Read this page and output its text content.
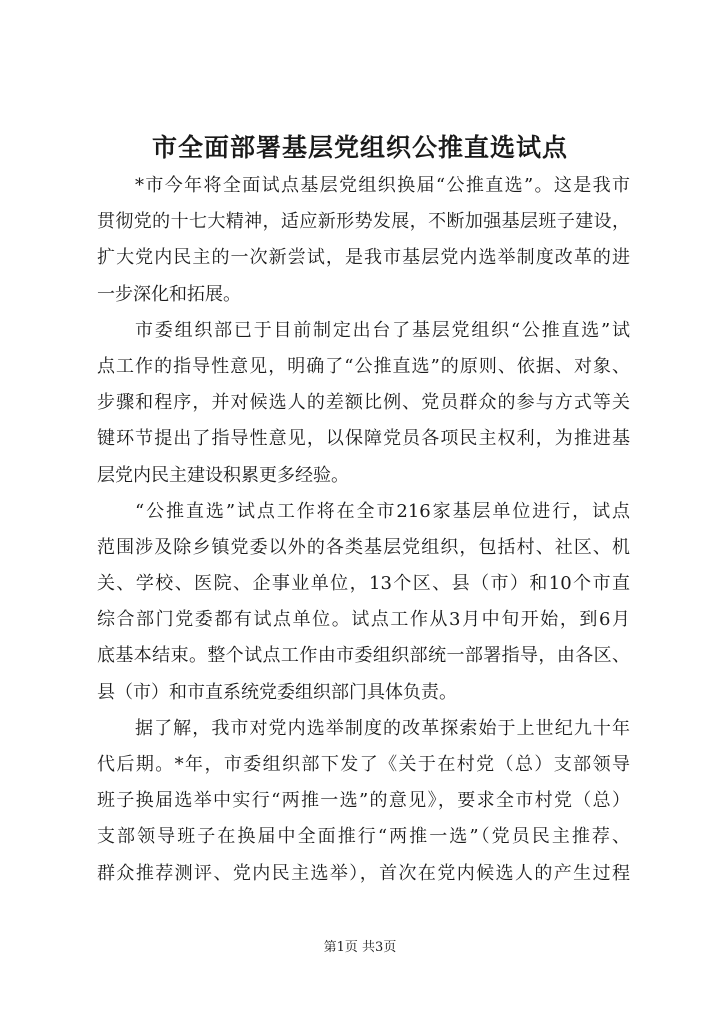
市全面部署基层党组织公推直选试点
*市今年将全面试点基层党组织换届“公推直选”。这是我市
贯彻党的十七大精神，适应新形势发展，不断加强基层班子建设，
扩大党内民主的一次新尝试，是我市基层党内选举制度改革的进
一步深化和拓展。
市委组织部已于目前制定出台了基层党组织“公推直选”试
点工作的指导性意见，明确了“公推直选”的原则、依据、对象、
步骤和程序，并对候选人的差额比例、党员群众的参与方式等关
键环节提出了指导性意见，以保障党员各项民主权利，为推进基
层党内民主建设积累更多经验。
“公推直选”试点工作将在全市216家基层单位进行，试点
范围涉及除乡镇党委以外的各类基层党组织，包括村、社区、机
关、学校、医院、企事业单位，13个区、县（市）和10个市直
综合部门党委都有试点单位。试点工作从3月中旬开始，到6月
底基本结束。整个试点工作由市委组织部统一部署指导，由各区、
县（市）和市直系统党委组织部门具体负责。
据了解，我市对党内选举制度的改革探索始于上世纪九十年
代后期。*年，市委组织部下发了《关于在村党（总）支部领导
班子换届选举中实行“两推一选”的意见》，要求全市村党（总）
支部领导班子在换届中全面推行“两推一选”（党员民主推荐、
群众推荐测评、党内民主选举），首次在党内候选人的产生过程
第1页 共3页
